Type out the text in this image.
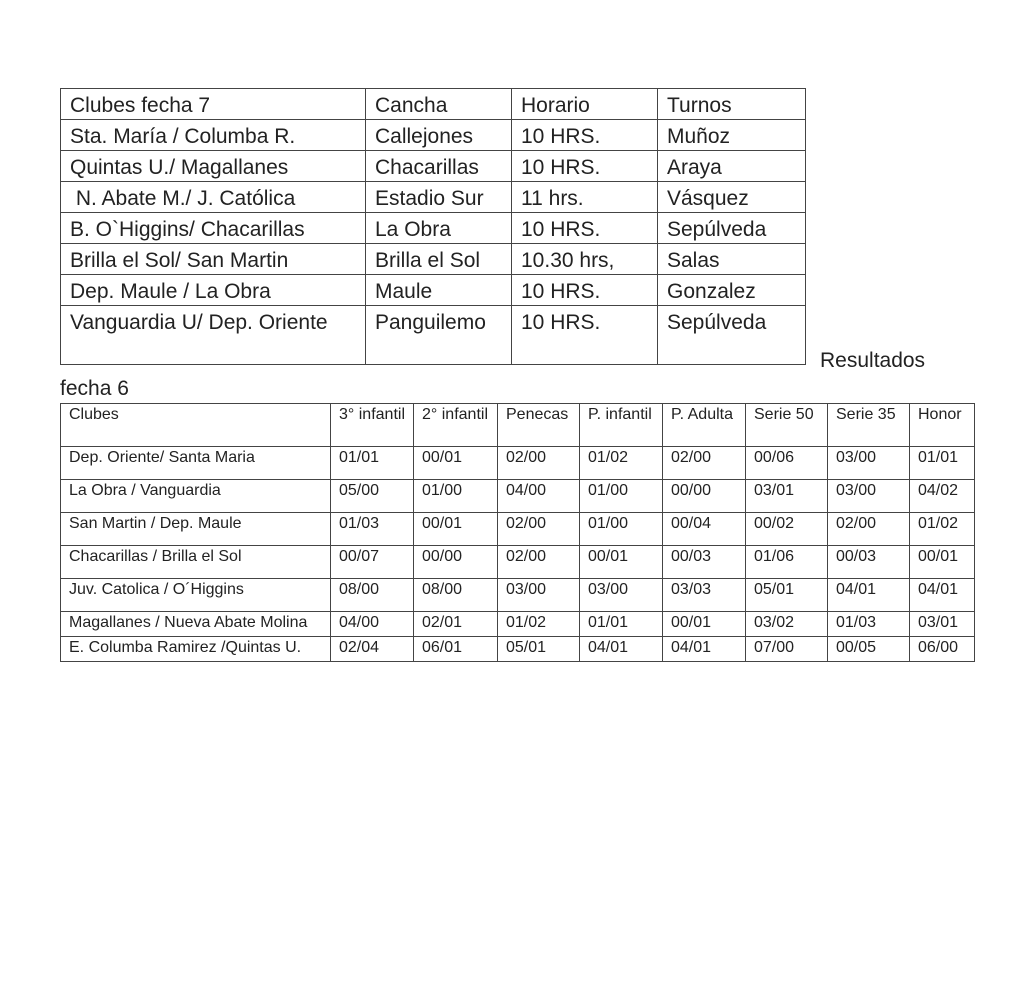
Clubes fecha 7	Cancha	Horario	Turnos
Sta. María / Columba R.	Callejones	10 HRS.	Muñoz
Quintas U./ Magallanes	Chacarillas	10 HRS.	Araya
N. Abate M./ J. Católica	Estadio Sur	11 hrs.	Vásquez
B. O`Higgins/ Chacarillas	La Obra	10 HRS.	Sepúlveda
Brilla el Sol/ San Martin	Brilla el Sol	10.30 hrs,	Salas
Dep. Maule / La Obra	Maule	10 HRS.	Gonzalez
Vanguardia U/ Dep. Oriente	Panguilemo	10 HRS.	Sepúlveda
Resultados
fecha 6
Clubes	3° infantil	2° infantil	Penecas	P. infantil	P. Adulta	Serie 50	Serie 35	Honor
Dep. Oriente/ Santa Maria	01/01	00/01	02/00	01/02	02/00	00/06	03/00	01/01
La Obra / Vanguardia	05/00	01/00	04/00	01/00	00/00	03/01	03/00	04/02
San Martin / Dep. Maule	01/03	00/01	02/00	01/00	00/04	00/02	02/00	01/02
Chacarillas / Brilla el Sol	00/07	00/00	02/00	00/01	00/03	01/06	00/03	00/01
Juv. Catolica / O´Higgins	08/00	08/00	03/00	03/00	03/03	05/01	04/01	04/01
Magallanes / Nueva Abate Molina	04/00	02/01	01/02	01/01	00/01	03/02	01/03	03/01
E. Columba Ramirez /Quintas U.	02/04	06/01	05/01	04/01	04/01	07/00	00/05	06/00
